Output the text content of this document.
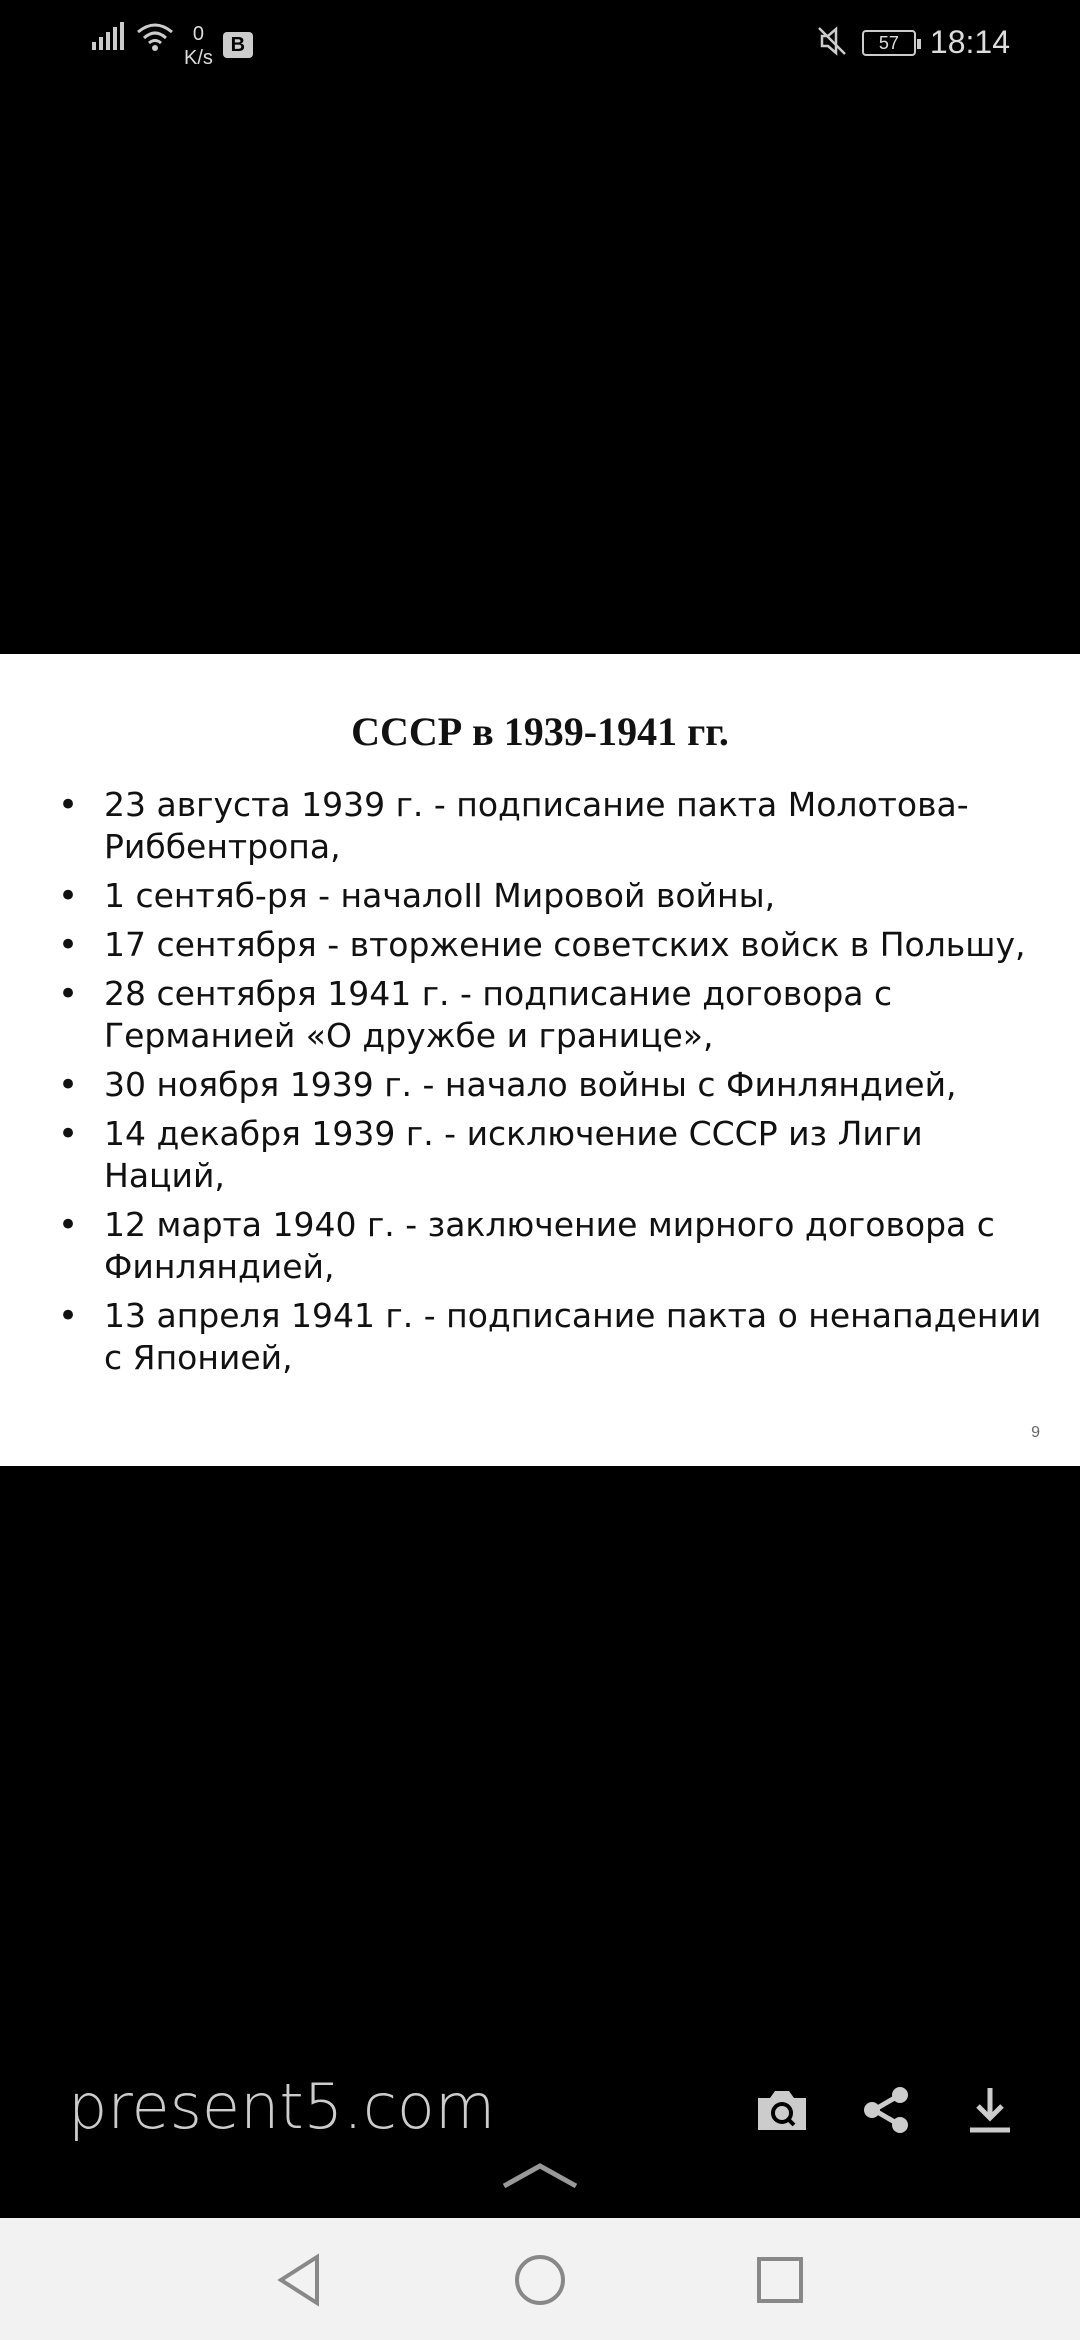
0
K/s
B	57 18:14
СССР в 1939-1941 гг.
• 23 августа 1939 г. - подписание пакта Молотова-Риббентропа,
• 1 сентяб-ря - началоII Мировой войны,
• 17 сентября - вторжение советских войск в Польшу,
• 28 сентября 1941 г. - подписание договора с Германией «О дружбе и границе»,
• 30 ноября 1939 г. - начало войны с Финляндией,
• 14 декабря 1939 г. - исключение СССР из Лиги Наций,
• 12 марта 1940 г. - заключение мирного договора с Финляндией,
• 13 апреля 1941 г. - подписание пакта о ненападении с Японией,
9
present5.com
